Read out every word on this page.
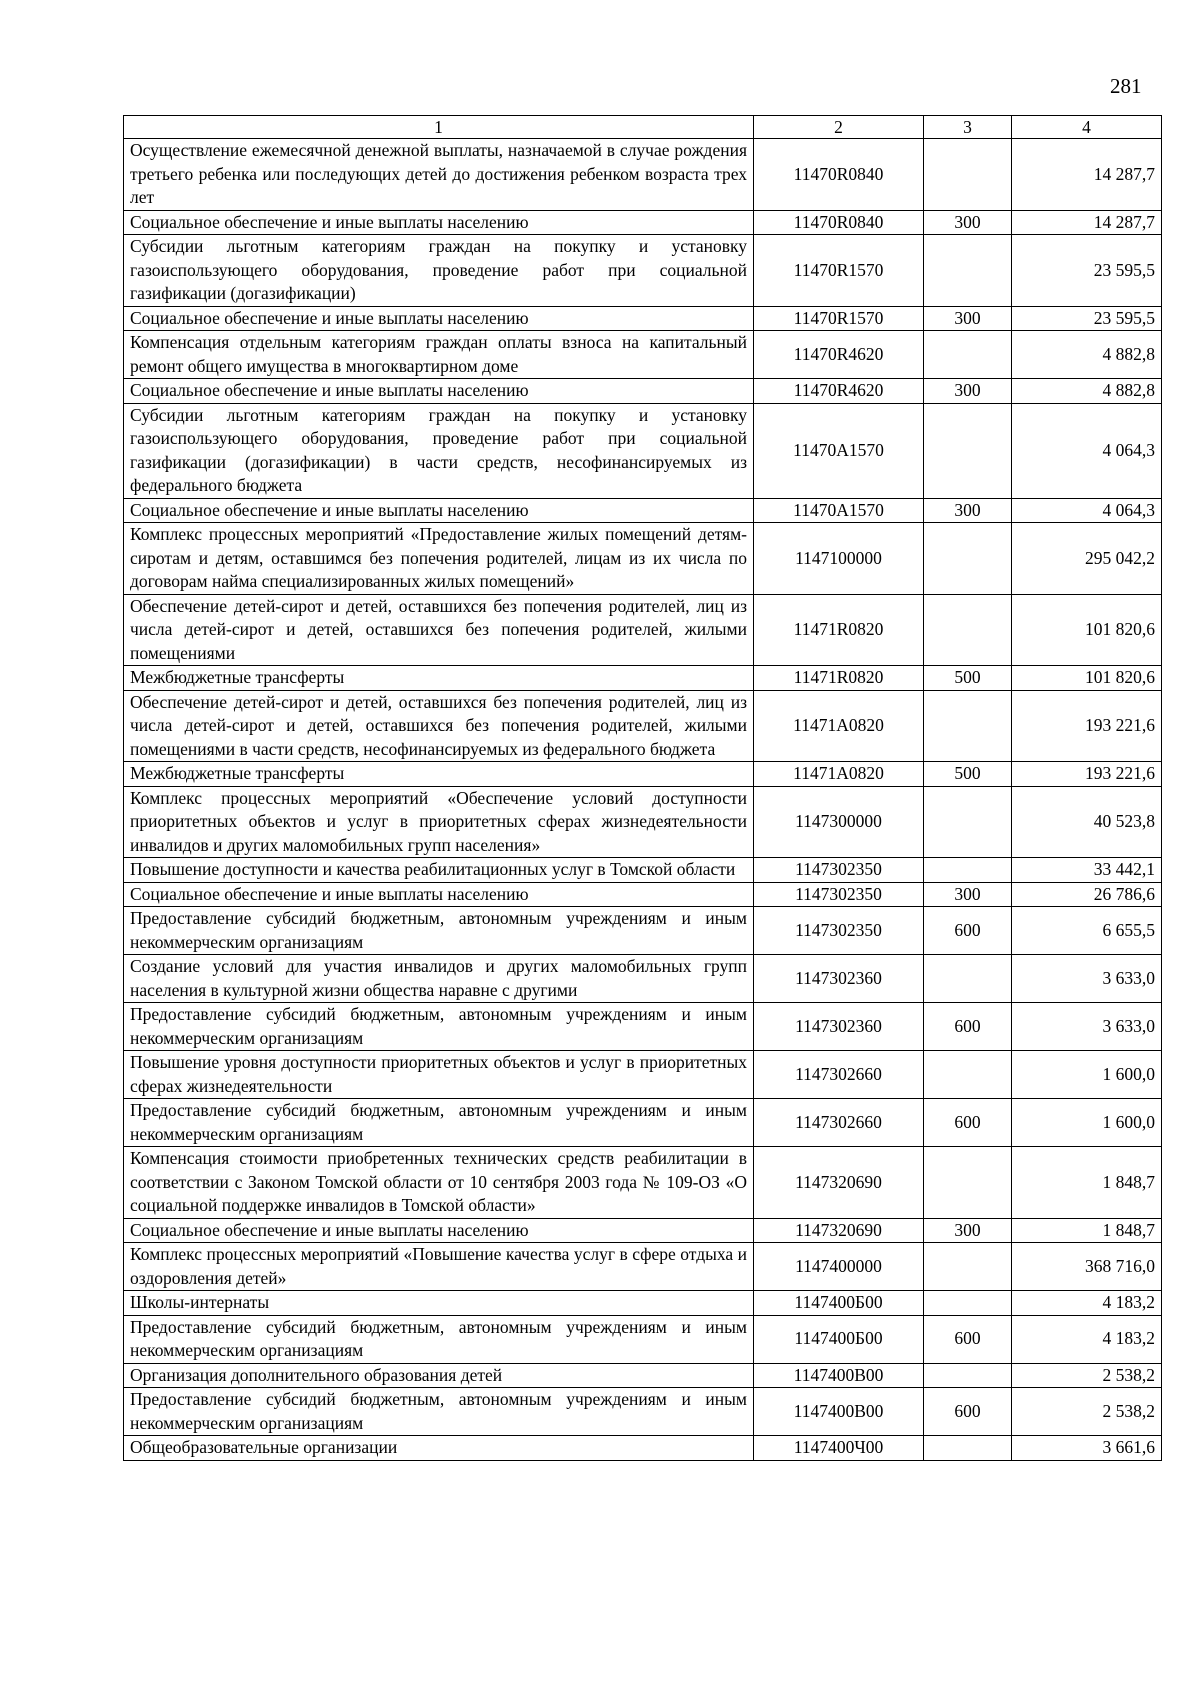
281
1	2	3	4
Осуществление ежемесячной денежной выплаты, назначаемой в случае рождения третьего ребенка или последующих детей до достижения ребенком возраста трех лет	11470R0840		14 287,7
Социальное обеспечение и иные выплаты населению	11470R0840	300	14 287,7
Субсидии льготным категориям граждан на покупку и установку газоиспользующего оборудования, проведение работ при социальной газификации (догазификации)	11470R1570		23 595,5
Социальное обеспечение и иные выплаты населению	11470R1570	300	23 595,5
Компенсация отдельным категориям граждан оплаты взноса на капитальный ремонт общего имущества в многоквартирном доме	11470R4620		4 882,8
Социальное обеспечение и иные выплаты населению	11470R4620	300	4 882,8
Субсидии льготным категориям граждан на покупку и установку газоиспользующего оборудования, проведение работ при социальной газификации (догазификации) в части средств, несофинансируемых из федерального бюджета	11470A1570		4 064,3
Социальное обеспечение и иные выплаты населению	11470A1570	300	4 064,3
Комплекс процессных мероприятий «Предоставление жилых помещений детям-сиротам и детям, оставшимся без попечения родителей, лицам из их числа по договорам найма специализированных жилых помещений»	1147100000		295 042,2
Обеспечение детей-сирот и детей, оставшихся без попечения родителей, лиц из числа детей-сирот и детей, оставшихся без попечения родителей, жилыми помещениями	11471R0820		101 820,6
Межбюджетные трансферты	11471R0820	500	101 820,6
Обеспечение детей-сирот и детей, оставшихся без попечения родителей, лиц из числа детей-сирот и детей, оставшихся без попечения родителей, жилыми помещениями в части средств, несофинансируемых из федерального бюджета	11471A0820		193 221,6
Межбюджетные трансферты	11471A0820	500	193 221,6
Комплекс процессных мероприятий «Обеспечение условий доступности приоритетных объектов и услуг в приоритетных сферах жизнедеятельности инвалидов и других маломобильных групп населения»	1147300000		40 523,8
Повышение доступности и качества реабилитационных услуг в Томской области	1147302350		33 442,1
Социальное обеспечение и иные выплаты населению	1147302350	300	26 786,6
Предоставление субсидий бюджетным, автономным учреждениям и иным некоммерческим организациям	1147302350	600	6 655,5
Создание условий для участия инвалидов и других маломобильных групп населения в культурной жизни общества наравне с другими	1147302360		3 633,0
Предоставление субсидий бюджетным, автономным учреждениям и иным некоммерческим организациям	1147302360	600	3 633,0
Повышение уровня доступности приоритетных объектов и услуг в приоритетных сферах жизнедеятельности	1147302660		1 600,0
Предоставление субсидий бюджетным, автономным учреждениям и иным некоммерческим организациям	1147302660	600	1 600,0
Компенсация стоимости приобретенных технических средств реабилитации в соответствии с Законом Томской области от 10 сентября 2003 года № 109-ОЗ «О социальной поддержке инвалидов в Томской области»	1147320690		1 848,7
Социальное обеспечение и иные выплаты населению	1147320690	300	1 848,7
Комплекс процессных мероприятий «Повышение качества услуг в сфере отдыха и оздоровления детей»	1147400000		368 716,0
Школы-интернаты	1147400Б00		4 183,2
Предоставление субсидий бюджетным, автономным учреждениям и иным некоммерческим организациям	1147400Б00	600	4 183,2
Организация дополнительного образования детей	1147400В00		2 538,2
Предоставление субсидий бюджетным, автономным учреждениям и иным некоммерческим организациям	1147400В00	600	2 538,2
Общеобразовательные организации	1147400Ч00		3 661,6
